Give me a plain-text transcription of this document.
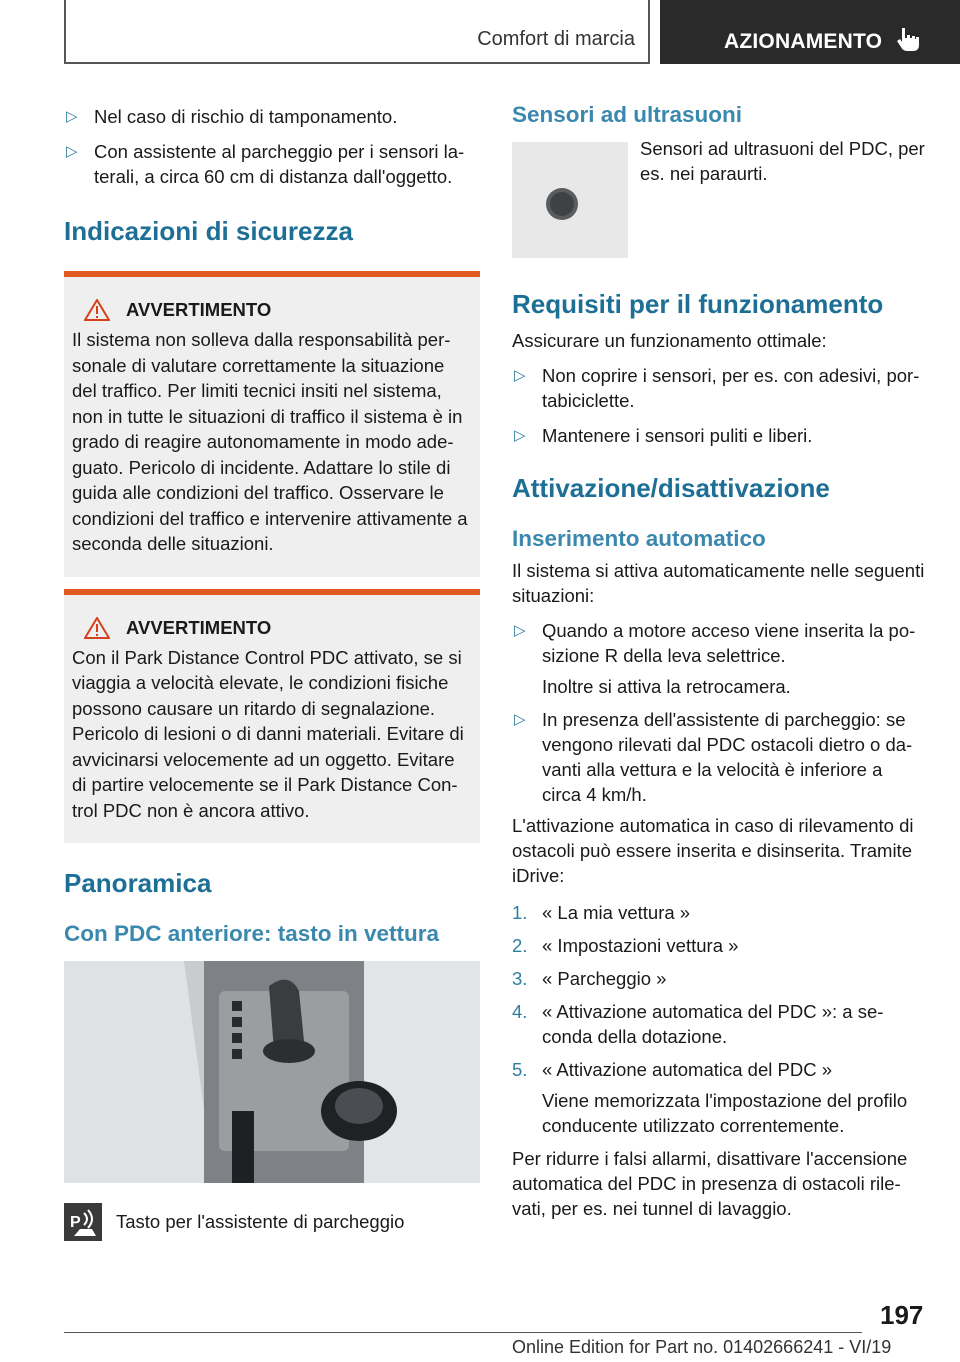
Comfort di marcia	AZIONAMENTO
▷ Nel caso di rischio di tamponamento.
▷ Con assistente al parcheggio per i sensori laterali, a circa 60 cm di distanza dall'oggetto.
Indicazioni di sicurezza
AVVERTIMENTO
Il sistema non solleva dalla responsabilità personale di valutare correttamente la situazione del traffico. Per limiti tecnici insiti nel sistema, non in tutte le situazioni di traffico il sistema è in grado di reagire autonomamente in modo adeguato. Pericolo di incidente. Adattare lo stile di guida alle condizioni del traffico. Osservare le condizioni del traffico e intervenire attivamente a seconda delle situazioni.
AVVERTIMENTO
Con il Park Distance Control PDC attivato, se si viaggia a velocità elevate, le condizioni fisiche possono causare un ritardo di segnalazione. Pericolo di lesioni o di danni materiali. Evitare di avvicinarsi velocemente ad un oggetto. Evitare di partire velocemente se il Park Distance Control PDC non è ancora attivo.
Panoramica
Con PDC anteriore: tasto in vettura
P Tasto per l'assistente di parcheggio
Sensori ad ultrasuoni
Sensori ad ultrasuoni del PDC, per es. nei paraurti.
Requisiti per il funzionamento
Assicurare un funzionamento ottimale:
▷ Non coprire i sensori, per es. con adesivi, portabiciclette.
▷ Mantenere i sensori puliti e liberi.
Attivazione/disattivazione
Inserimento automatico
Il sistema si attiva automaticamente nelle seguenti situazioni:
▷ Quando a motore acceso viene inserita la posizione R della leva selettrice.
Inoltre si attiva la retrocamera.
▷ In presenza dell'assistente di parcheggio: se vengono rilevati dal PDC ostacoli dietro o davanti alla vettura e la velocità è inferiore a circa 4 km/h.
L'attivazione automatica in caso di rilevamento di ostacoli può essere inserita e disinserita. Tramite iDrive:
1. « La mia vettura »
2. « Impostazioni vettura »
3. « Parcheggio »
4. « Attivazione automatica del PDC »: a seconda della dotazione.
5. « Attivazione automatica del PDC »
Viene memorizzata l'impostazione del profilo conducente utilizzato correntemente.
Per ridurre i falsi allarmi, disattivare l'accensione automatica del PDC in presenza di ostacoli rilevati, per es. nei tunnel di lavaggio.
197
Online Edition for Part no. 01402666241 - VI/19
